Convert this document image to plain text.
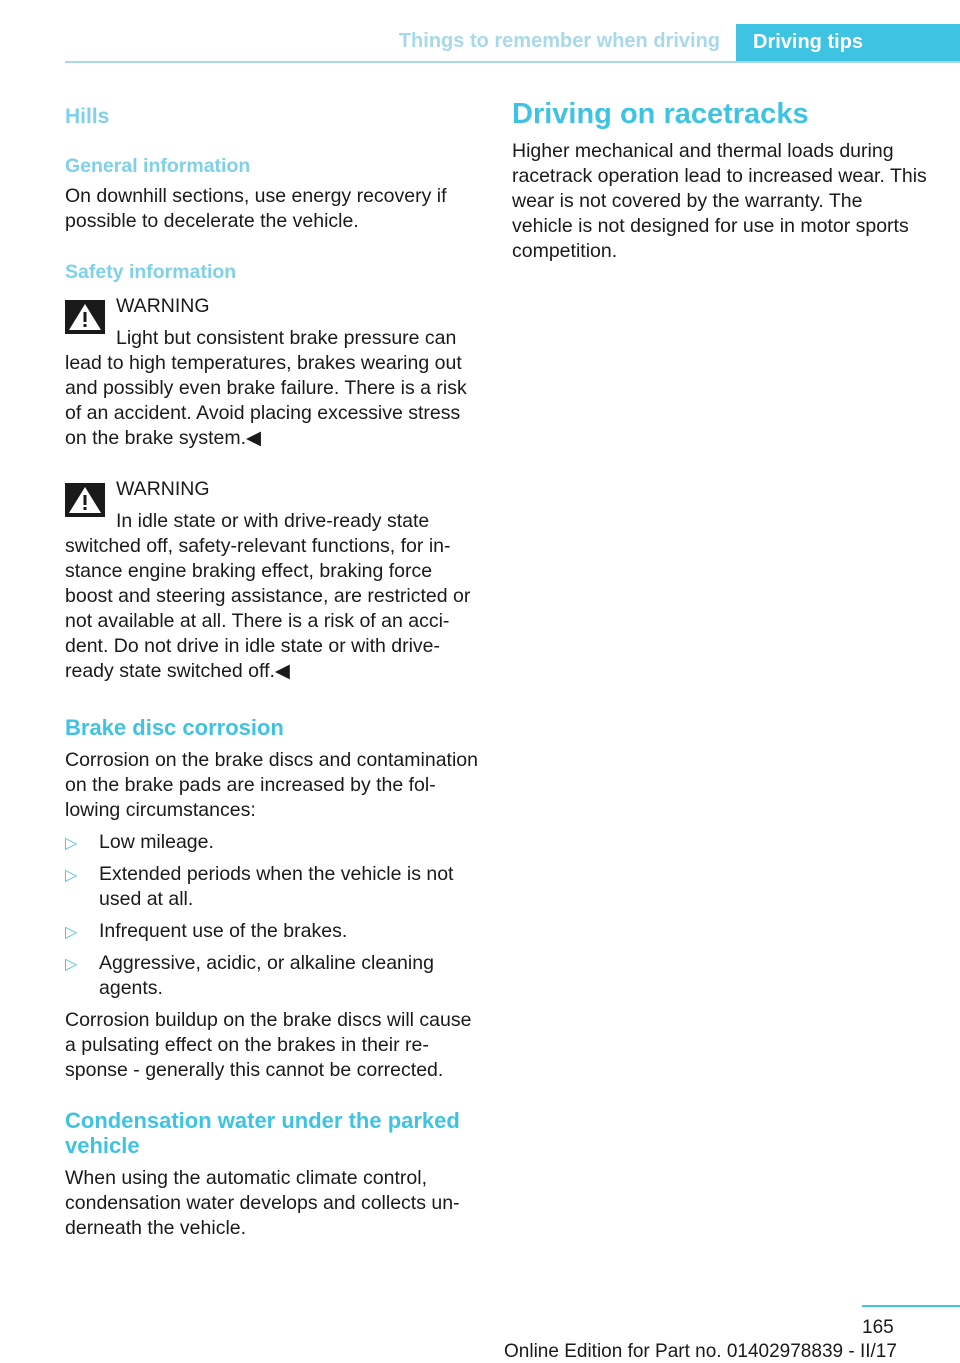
Things to remember when driving	Driving tips
Hills
General information

On downhill sections, use energy recovery if possible to decelerate the vehicle.

Safety information
WARNING

Light but consistent brake pressure can

lead to high temperatures, brakes wearing out and possibly even brake failure. There is a risk of an accident. Avoid placing excessive stress on the brake system.◀

WARNING

In idle state or with drive-ready state

switched off, safety-relevant functions, for instance engine braking effect, braking force boost and steering assistance, are restricted or not available at all. There is a risk of an accident. Do not drive in idle state or with drive-ready state switched off.◀

Brake disc corrosion

Corrosion on the brake discs and contamination on the brake pads are increased by the following circumstances:

▷ Low mileage.
▷ Extended periods when the vehicle is not used at all.
▷ Infrequent use of the brakes.
▷ Aggressive, acidic, or alkaline cleaning agents.

Corrosion buildup on the brake discs will cause a pulsating effect on the brakes in their response - generally this cannot be corrected.

Condensation water under the parked vehicle

When using the automatic climate control, condensation water develops and collects underneath the vehicle.

Driving on racetracks

Higher mechanical and thermal loads during racetrack operation lead to increased wear. This wear is not covered by the warranty. The vehicle is not designed for use in motor sports competition.

165
Online Edition for Part no. 01402978839 - II/17
